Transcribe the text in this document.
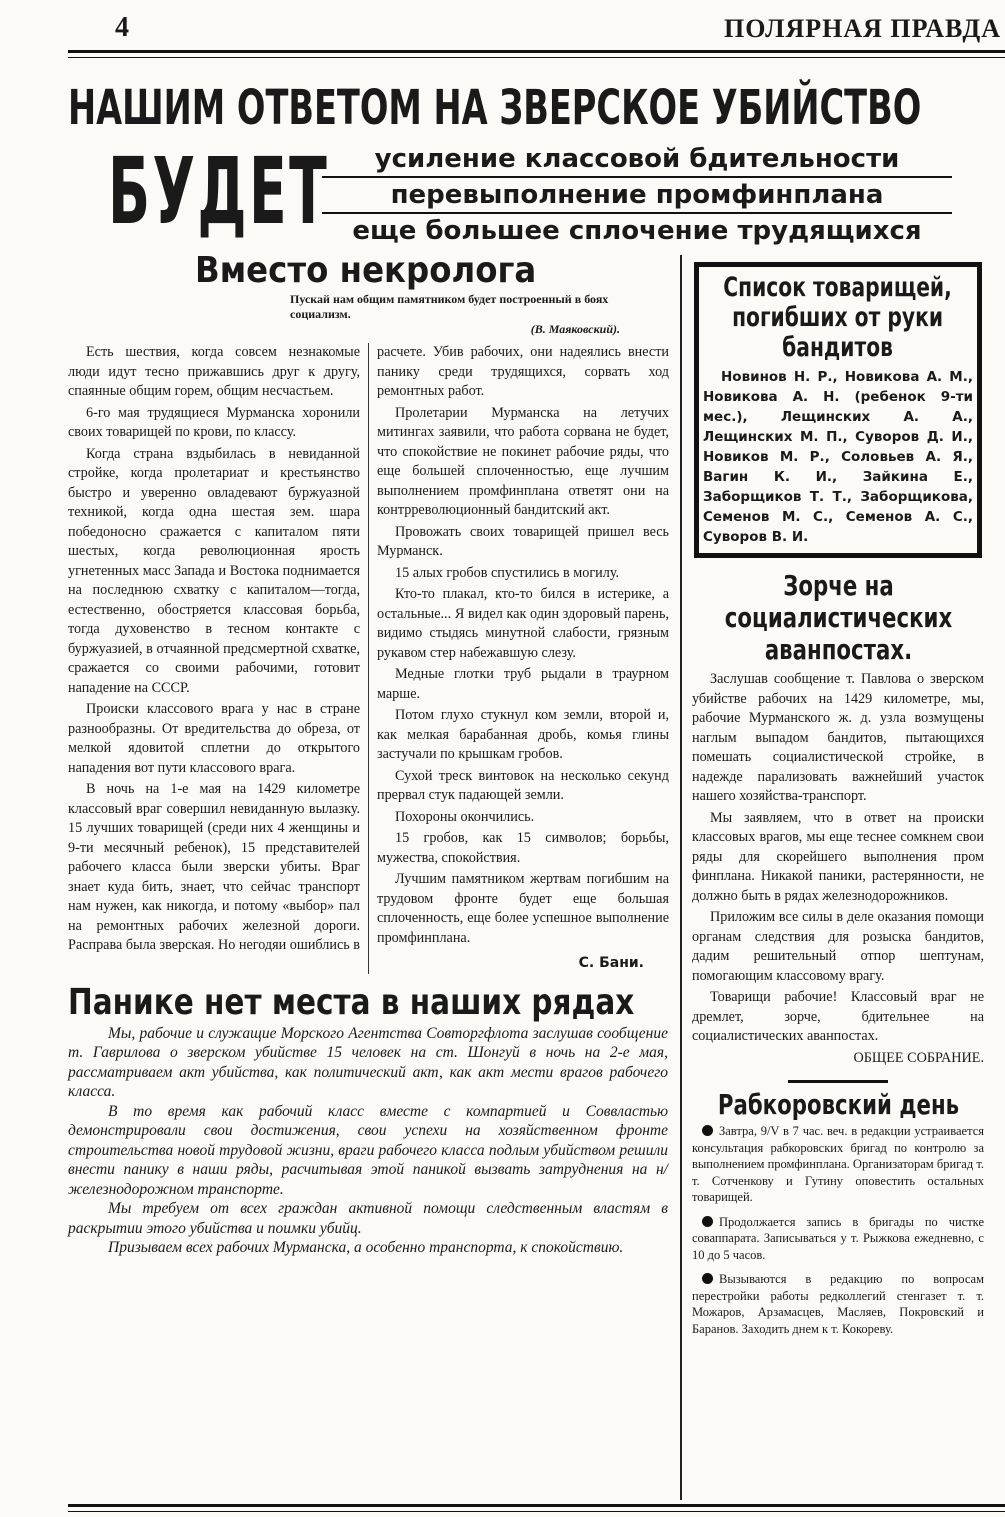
4	ПОЛЯРНАЯ ПРАВДА
НАШИМ ОТВЕТОМ НА ЗВЕРСКОЕ УБИЙСТВО
БУДЕТ	усиление классовой бдительности
перевыполнение промфинплана
еще большее сплочение трудящихся
Вместо некролога
Пускай нам общим памятником будет построенный в боях социализм.
(В. Маяковский).

Есть шествия, когда совсем незнакомые люди идут тесно прижавшись друг к другу, спаянные общим горем, общим несчастьем.

6-го мая трудящиеся Мурманска хоронили своих товарищей по крови, по классу.

Когда страна вздыбилась в невиданной стройке, когда пролетариат и крестьянство быстро и уверенно овладевают буржуазной техникой, когда одна шестая зем. шара победоносно сражается с капиталом пяти шестых, когда революционная ярость угнетенных масс Запада и Востока поднимается на последнюю схватку с капиталом—тогда, естественно, обостряется классовая борьба, тогда духовенство в тесном контакте с буржуазией, в отчаянной предсмертной схватке, сражается со своими рабочими, готовит нападение на СССР.

Происки классового врага у нас в стране разнообразны. От вредительства до обреза, от мелкой ядовитой сплетни до открытого нападения вот пути классового врага.

В ночь на 1-е мая на 1429 километре классовый враг совершил невиданную вылазку. 15 лучших товарищей (среди них 4 женщины и 9-ти месячный ребенок), 15 представителей рабочего класса были зверски убиты. Враг знает куда бить, знает, что сейчас транспорт нам нужен, как никогда, и потому «выбор» пал на ремонтных рабочих железной дороги. Расправа была зверская. Но негодяи ошиблись в

расчете. Убив рабочих, они надеялись внести панику среди трудящихся, сорвать ход ремонтных работ.

Пролетарии Мурманска на летучих митингах заявили, что работа сорвана не будет, что спокойствие не покинет рабочие ряды, что еще большей сплоченностью, еще лучшим выполнением промфинплана ответят они на контрреволюционный бандитский акт.

Провожать своих товарищей пришел весь Мурманск.

15 алых гробов спустились в могилу.

Кто-то плакал, кто-то бился в истерике, а остальные... Я видел как один здоровый парень, видимо стыдясь минутной слабости, грязным рукавом стер набежавшую слезу.

Медные глотки труб рыдали в траурном марше.

Потом глухо стукнул ком земли, второй и, как мелкая барабанная дробь, комья глины застучали по крышкам гробов.

Сухой треск винтовок на несколько секунд прервал стук падающей земли.

Похороны окончились.

15 гробов, как 15 символов; борьбы, мужества, спокойствия.

Лучшим памятником жертвам погибшим на трудовом фронте будет еще большая сплоченность, еще более успешное выполнение промфинплана.

С. Бани.
Панике нет места в наших рядах

Мы, рабочие и служащие Морского Агентства Совторгфлота заслушав сообщение т. Гаврилова о зверском убийстве 15 человек на ст. Шонгуй в ночь на 2-е мая, рассматриваем акт убийства, как политический акт, как акт мести врагов рабочего класса.

В то время как рабочий класс вместе с компартией и Соввластью демонстрировали свои достижения, свои успехи на хозяйственном фронте строительства новой трудовой жизни, враги рабочего класса подлым убийством решили внести панику в наши ряды, расчитывая этой паникой вызвать затруднения на н/железнодорожном транспорте.

Мы требуем от всех граждан активной помощи следственным властям в раскрытии этого убийства и поимки убийц.

Призываем всех рабочих Мурманска, а особенно транспорта, к спокойствию.

Список товарищей, погибших от руки бандитов
Новинов Н. Р., Новикова А. М., Новикова А. Н. (ребенок 9-ти мес.), Лещинских А. А., Лещинских М. П., Суворов Д. И., Новиков М. Р., Соловьев А. Я., Вагин К. И., Зайкина Е., Заборщиков Т. Т., Заборщикова, Семенов М. С., Семенов А. С., Суворов В. И.
Зорче на социалистических аванпостах.

Заслушав сообщение т. Павлова о зверском убийстве рабочих на 1429 километре, мы, рабочие Мурманского ж. д. узла возмущены наглым выпадом бандитов, пытающихся помешать социалистической стройке, в надежде парализовать важнейший участок нашего хозяйства-транспорт.

Мы заявляем, что в ответ на происки классовых врагов, мы еще теснее сомкнем свои ряды для скорейшего выполнения пром финплана. Никакой паники, растерянности, не должно быть в рядах железнодорожников.

Приложим все силы в деле оказания помощи органам следствия для розыска бандитов, дадим решительный отпор шептунам, помогающим классовому врагу.

Товарищи рабочие! Классовый враг не дремлет, зорче, бдительнее на социалистических аванпостах.

ОБЩЕЕ СОБРАНИЕ.
Рабкоровский день

Завтра, 9/V в 7 час. веч. в редакции устраивается консультация рабкоровских бригад по контролю за выполнением промфинплана. Организаторам бригад т. т. Сотченкову и Гутину оповестить остальных товарищей.

Продолжается запись в бригады по чистке соваппарата. Записываться у т. Рыжкова ежедневно, с 10 до 5 часов.

Вызываются в редакцию по вопросам перестройки работы редколлегий стенгазет т. т. Можаров, Арзамасцев, Масляев, Покровский и Баранов. Заходить днем к т. Кокореву.
